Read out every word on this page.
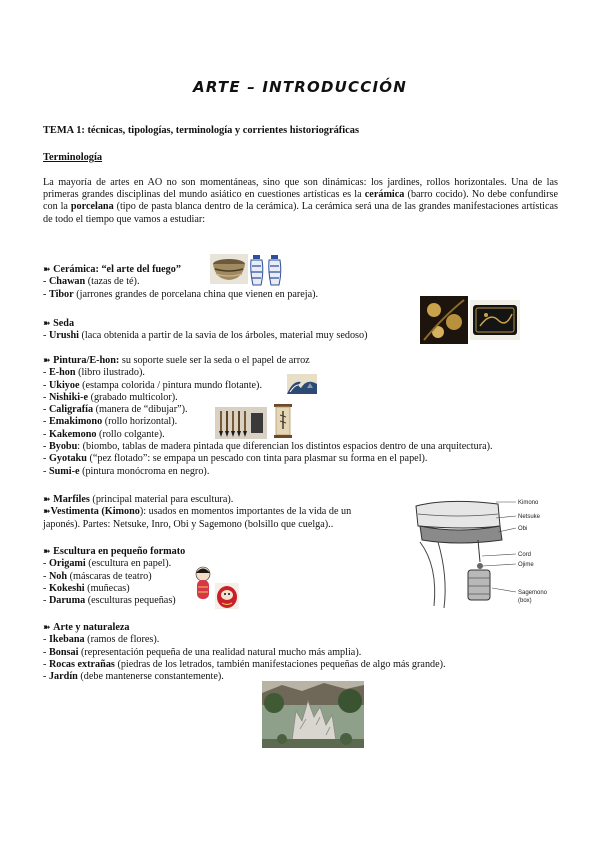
ARTE – INTRODUCCIÓN
TEMA 1: técnicas, tipologías, terminología y corrientes historiográficas
Terminología
La mayoría de artes en AO no son momentáneas, sino que son dinámicas: los jardines, rollos horizontales. Una de las primeras grandes disciplinas del mundo asiático en cuestiones artísticas es la cerámica (barro cocido). No debe confundirse con la porcelana (tipo de pasta blanca dentro de la cerámica). La cerámica será una de las grandes manifestaciones artísticas de todo el tiempo que vamos a estudiar:
➽ Cerámica: “el arte del fuego”
- Chawan (tazas de té).
- Tibor (jarrones grandes de porcelana china que vienen en pareja).
➽ Seda
- Urushi (laca obtenida a partir de la savia de los árboles, material muy sedoso)
➽ Pintura/E-hon: su soporte suele ser la seda o el papel de arroz
- E-hon (libro ilustrado).
- Ukiyoe (estampa colorida / pintura mundo flotante).
- Nishiki-e (grabado multicolor).
- Caligrafía (manera de “dibujar”).
- Emakimono (rollo horizontal).
- Kakemono (rollo colgante).
- Byobu: (biombo, tablas de madera pintada que diferencian los distintos espacios dentro de una arquitectura).
- Gyotaku (“pez flotado”: se empapa un pescado con tinta para plasmar su forma en el papel).
- Sumi-e (pintura monócroma en negro).
➽ Marfiles (principal material para escultura).
➽Vestimenta (Kimono): usados en momentos importantes de la vida de un
japonés). Partes: Netsuke, Inro, Obi y Sagemono (bolsillo que cuelga)..
➽ Escultura en pequeño formato
- Origami (escultura en papel).
- Noh (máscaras de teatro)
- Kokeshi (muñecas)
- Daruma (esculturas pequeñas)
➽ Arte y naturaleza
- Ikebana (ramos de flores).
- Bonsai (representación pequeña de una realidad natural mucho más amplia).
- Rocas extrañas (piedras de los letrados, también manifestaciones pequeñas de algo más grande).
- Jardín (debe mantenerse constantemente).
Kimono
Netsuke
Obi
Cord
Ojime
Sagemono
(box)
